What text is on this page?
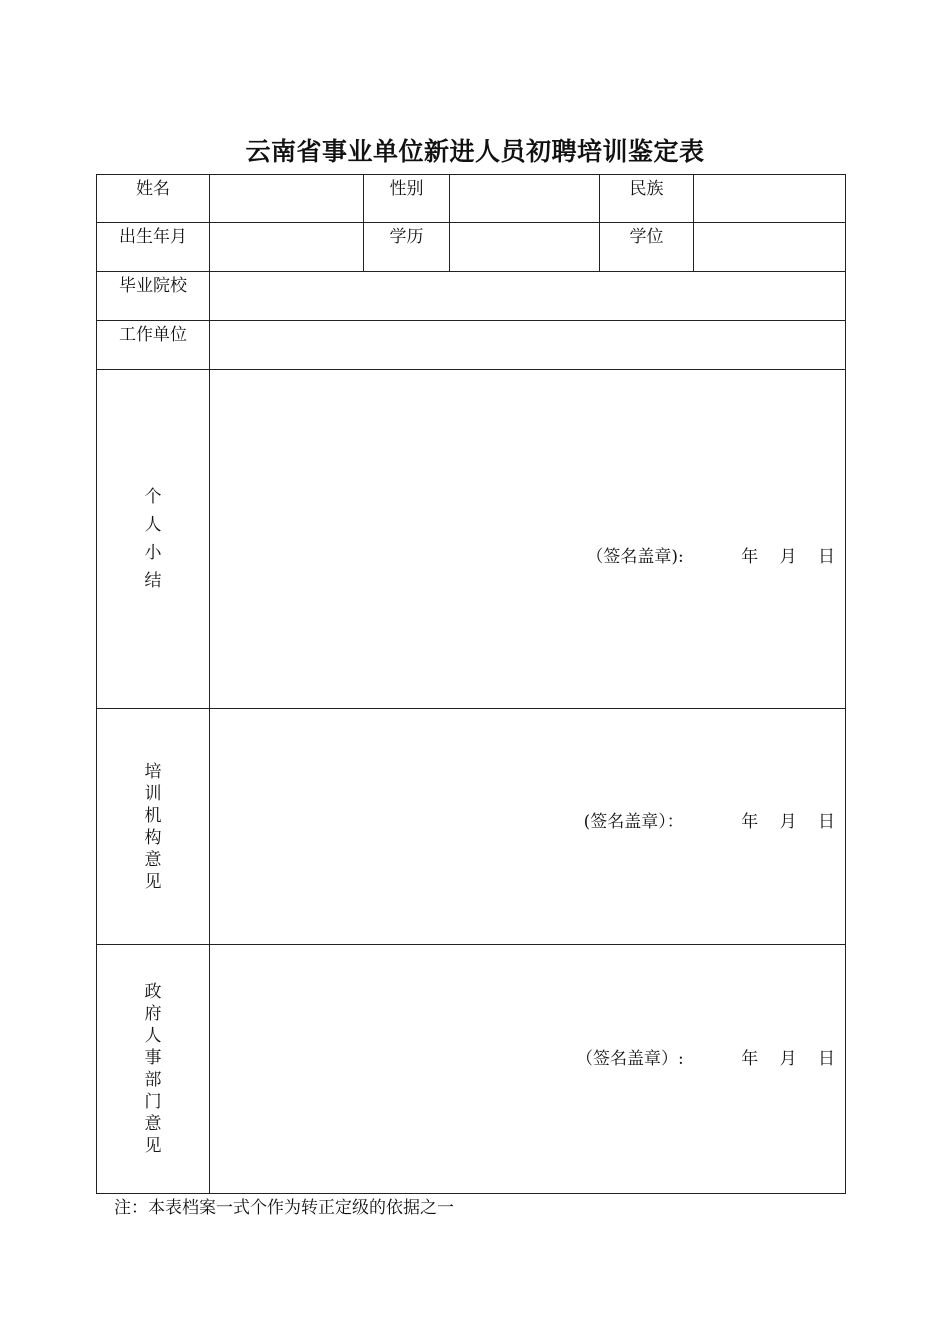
云南省事业单位新进人员初聘培训鉴定表
姓名		性别		民族	
出生年月		学历		学位	
毕业院校					
工作单位					
个人小结	（签名盖章): 年 月 日				

培训机构意见	(签名盖章）： 年 月 日				

政府人事部门意见	（签名盖章）: 年 月 日				
注：本表档案一式个作为转正定级的依据之一
